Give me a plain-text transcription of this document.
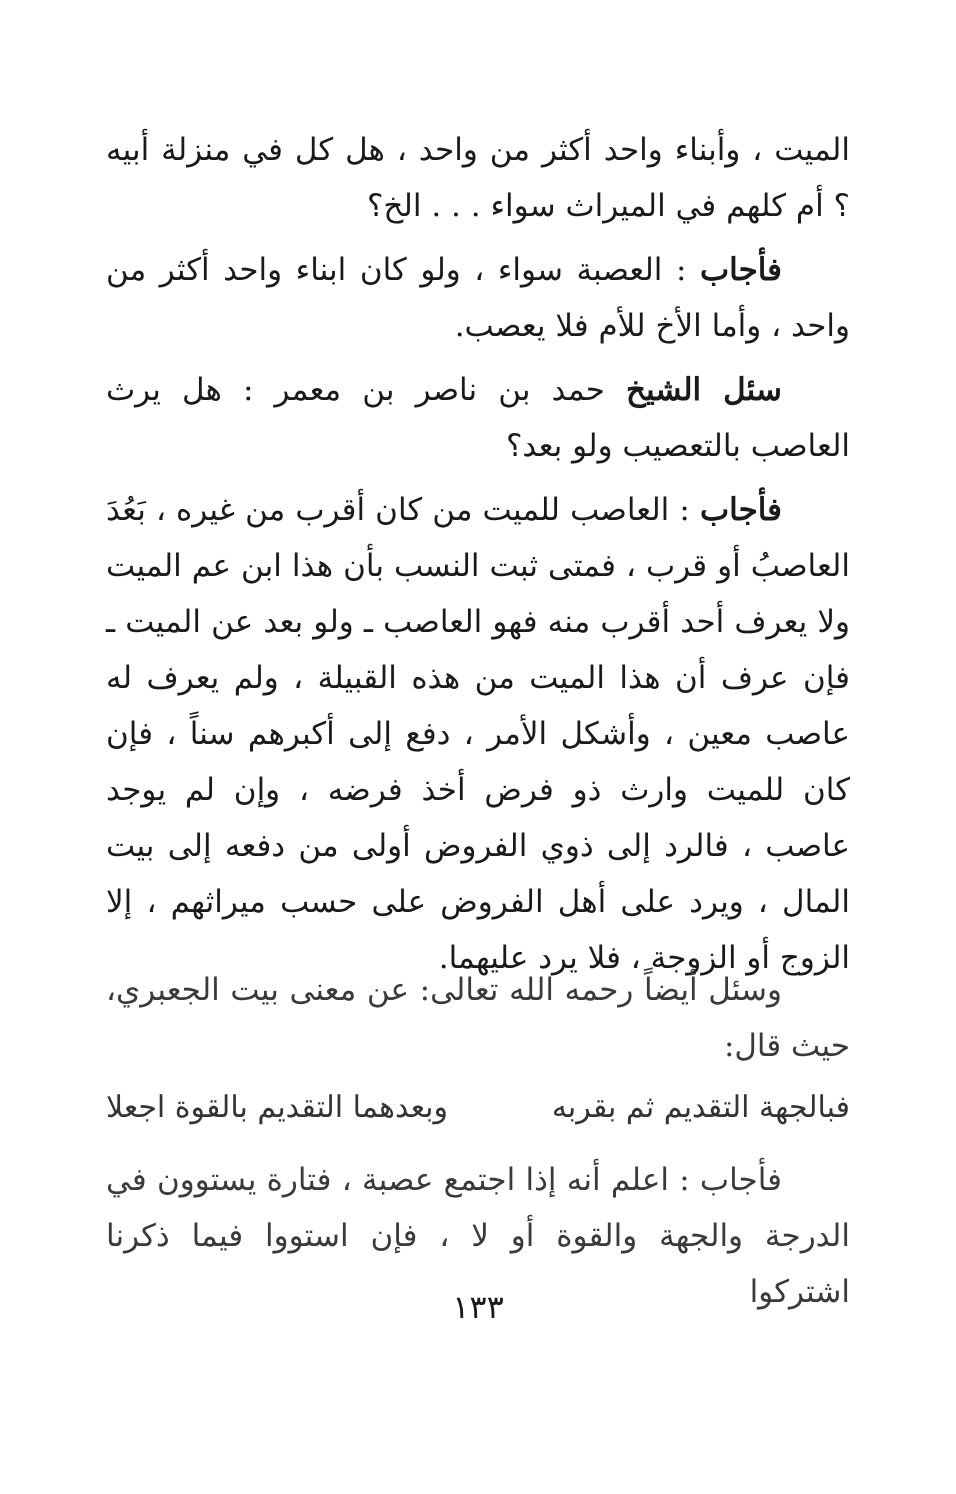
الميت ، وأبناء واحد أكثر من واحد ، هل كل في منزلة أبيه ؟ أم كلهم في الميراث سواء . . . الخ؟
فأجاب : العصبة سواء ، ولو كان ابناء واحد أكثر من واحد ، وأما الأخ للأم فلا يعصب.
سئل الشيخ حمد بن ناصر بن معمر : هل يرث العاصب بالتعصيب ولو بعد؟
فأجاب : العاصب للميت من كان أقرب من غيره ، بَعُدَ العاصبُ أو قرب ، فمتى ثبت النسب بأن هذا ابن عم الميت ولا يعرف أحد أقرب منه فهو العاصب ـ ولو بعد عن الميت ـ فإن عرف أن هذا الميت من هذه القبيلة ، ولم يعرف له عاصب معين ، وأشكل الأمر ، دفع إلى أكبرهم سناً ، فإن كان للميت وارث ذو فرض أخذ فرضه ، وإن لم يوجد عاصب ، فالرد إلى ذوي الفروض أولى من دفعه إلى بيت المال ، ويرد على أهل الفروض على حسب ميراثهم ، إلا الزوج أو الزوجة ، فلا يرد عليهما.
وسئل أيضاً رحمه الله تعالى: عن معنى بيت الجعبري، حيث قال:
فبالجهة التقديم ثم بقربه
وبعدهما التقديم بالقوة اجعلا
فأجاب : اعلم أنه إذا اجتمع عصبة ، فتارة يستوون في الدرجة والجهة والقوة أو لا ، فإن استووا فيما ذكرنا اشتركوا
١٣٣
